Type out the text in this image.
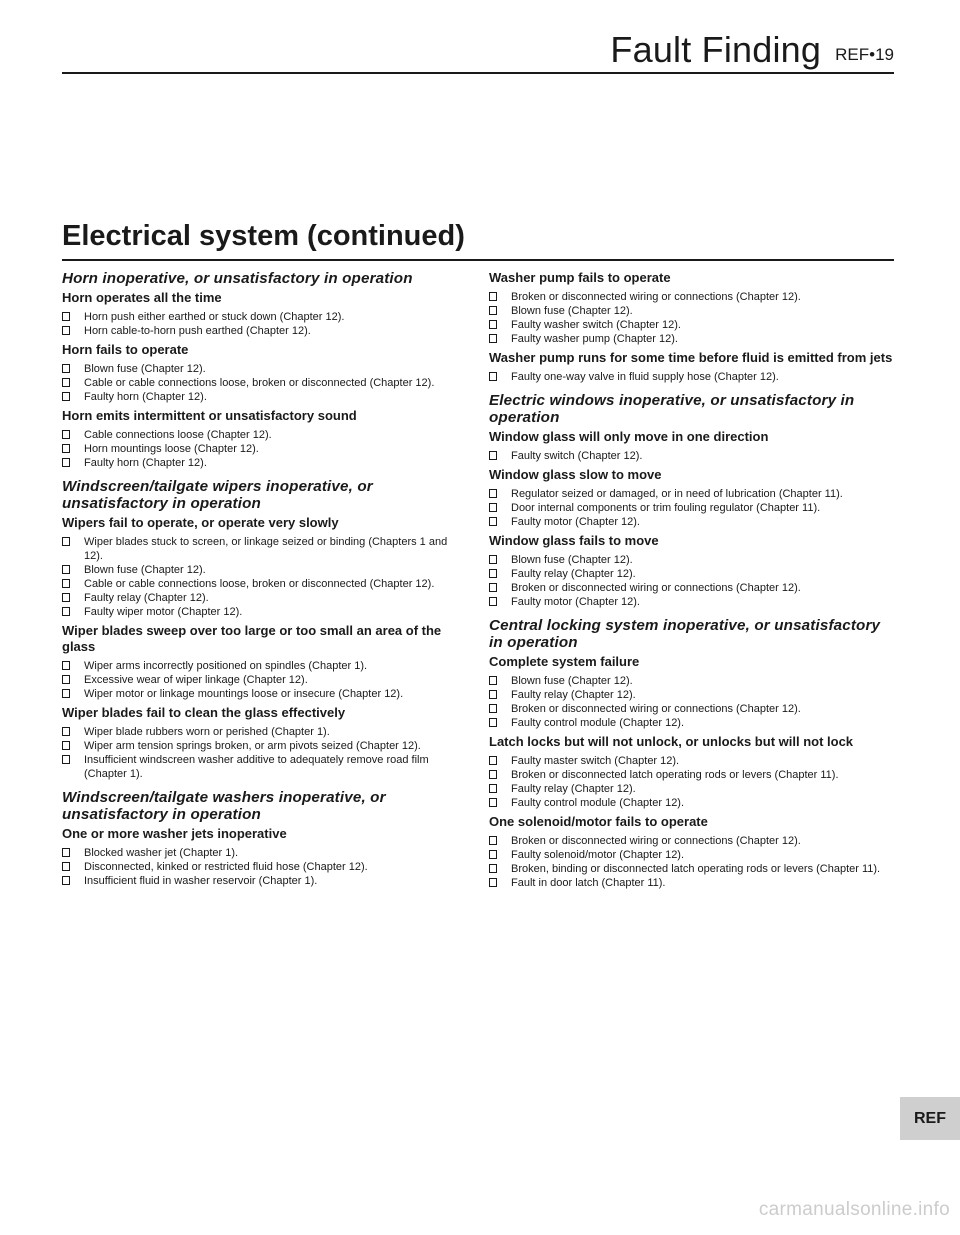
Fault Finding REF•19
Electrical system (continued)
Horn inoperative, or unsatisfactory in operation
Horn operates all the time
Horn push either earthed or stuck down (Chapter 12).
Horn cable-to-horn push earthed (Chapter 12).
Horn fails to operate
Blown fuse (Chapter 12).
Cable or cable connections loose, broken or disconnected (Chapter 12).
Faulty horn (Chapter 12).
Horn emits intermittent or unsatisfactory sound
Cable connections loose (Chapter 12).
Horn mountings loose (Chapter 12).
Faulty horn (Chapter 12).
Windscreen/tailgate wipers inoperative, or unsatisfactory in operation
Wipers fail to operate, or operate very slowly
Wiper blades stuck to screen, or linkage seized or binding (Chapters 1 and 12).
Blown fuse (Chapter 12).
Cable or cable connections loose, broken or disconnected (Chapter 12).
Faulty relay (Chapter 12).
Faulty wiper motor (Chapter 12).
Wiper blades sweep over too large or too small an area of the glass
Wiper arms incorrectly positioned on spindles (Chapter 1).
Excessive wear of wiper linkage (Chapter 12).
Wiper motor or linkage mountings loose or insecure (Chapter 12).
Wiper blades fail to clean the glass effectively
Wiper blade rubbers worn or perished (Chapter 1).
Wiper arm tension springs broken, or arm pivots seized (Chapter 12).
Insufficient windscreen washer additive to adequately remove road film (Chapter 1).
Windscreen/tailgate washers inoperative, or unsatisfactory in operation
One or more washer jets inoperative
Blocked washer jet (Chapter 1).
Disconnected, kinked or restricted fluid hose (Chapter 12).
Insufficient fluid in washer reservoir (Chapter 1).
Washer pump fails to operate
Broken or disconnected wiring or connections (Chapter 12).
Blown fuse (Chapter 12).
Faulty washer switch (Chapter 12).
Faulty washer pump (Chapter 12).
Washer pump runs for some time before fluid is emitted from jets
Faulty one-way valve in fluid supply hose (Chapter 12).
Electric windows inoperative, or unsatisfactory in operation
Window glass will only move in one direction
Faulty switch (Chapter 12).
Window glass slow to move
Regulator seized or damaged, or in need of lubrication (Chapter 11).
Door internal components or trim fouling regulator (Chapter 11).
Faulty motor (Chapter 12).
Window glass fails to move
Blown fuse (Chapter 12).
Faulty relay (Chapter 12).
Broken or disconnected wiring or connections (Chapter 12).
Faulty motor (Chapter 12).
Central locking system inoperative, or unsatisfactory in operation
Complete system failure
Blown fuse (Chapter 12).
Faulty relay (Chapter 12).
Broken or disconnected wiring or connections (Chapter 12).
Faulty control module (Chapter 12).
Latch locks but will not unlock, or unlocks but will not lock
Faulty master switch (Chapter 12).
Broken or disconnected latch operating rods or levers (Chapter 11).
Faulty relay (Chapter 12).
Faulty control module (Chapter 12).
One solenoid/motor fails to operate
Broken or disconnected wiring or connections (Chapter 12).
Faulty solenoid/motor (Chapter 12).
Broken, binding or disconnected latch operating rods or levers (Chapter 11).
Fault in door latch (Chapter 11).
REF
carmanualsonline.info
